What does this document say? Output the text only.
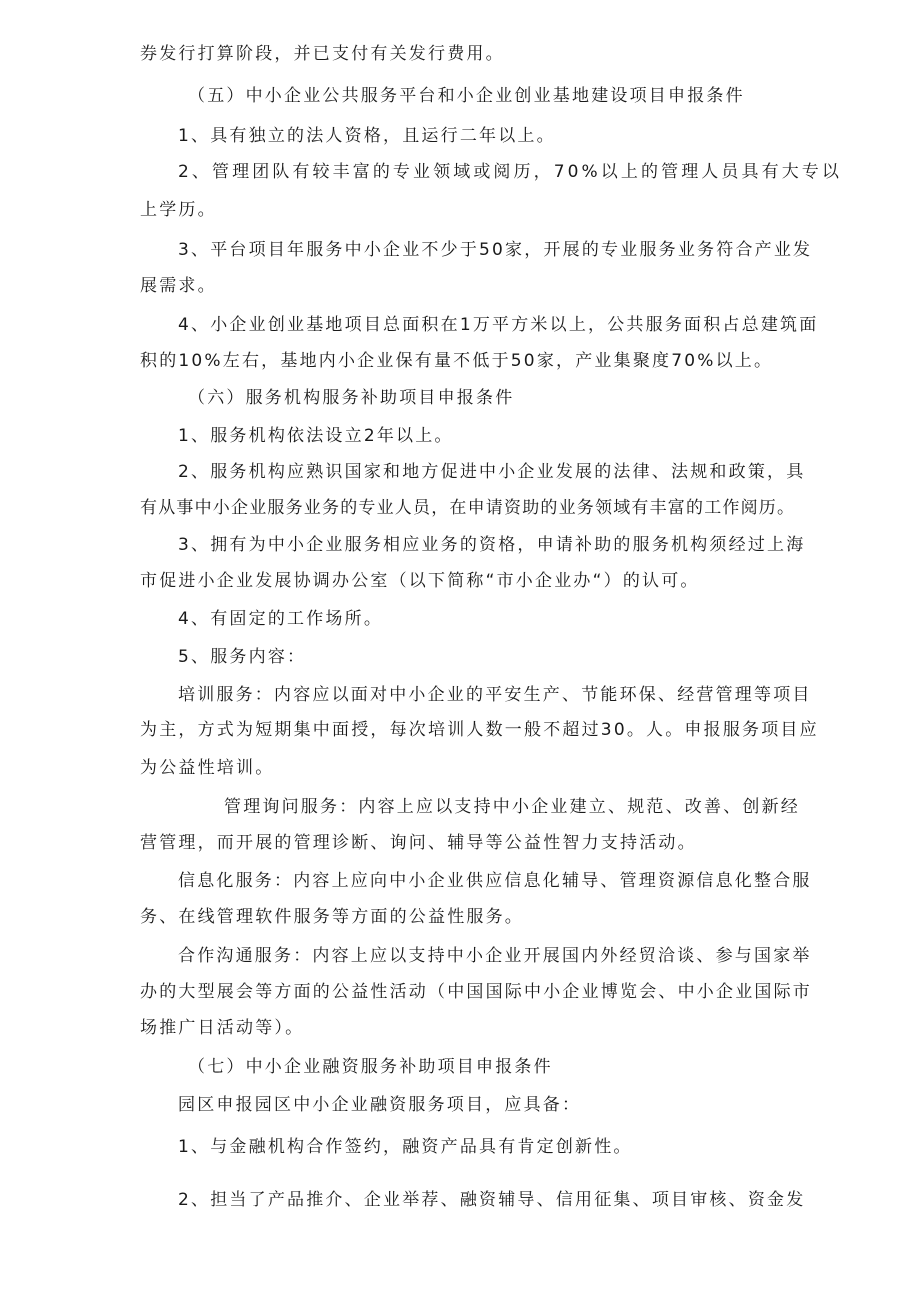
券发行打算阶段，并已支付有关发行费用。
（五）中小企业公共服务平台和小企业创业基地建设项目申报条件
1、具有独立的法人资格，且运行二年以上。
2、管理团队有较丰富的专业领域或阅历，70%以上的管理人员具有大专以
上学历。
3、平台项目年服务中小企业不少于50家，开展的专业服务业务符合产业发
展需求。
4、小企业创业基地项目总面积在1万平方米以上，公共服务面积占总建筑面
积的10%左右，基地内小企业保有量不低于50家，产业集聚度70%以上。
（六）服务机构服务补助项目申报条件
1、服务机构依法设立2年以上。
2、服务机构应熟识国家和地方促进中小企业发展的法律、法规和政策，具
有从事中小企业服务业务的专业人员，在申请资助的业务领域有丰富的工作阅历。
3、拥有为中小企业服务相应业务的资格，申请补助的服务机构须经过上海
市促进小企业发展协调办公室（以下简称“市小企业办“）的认可。
4、有固定的工作场所。
5、服务内容：
培训服务：内容应以面对中小企业的平安生产、节能环保、经营管理等项目
为主，方式为短期集中面授，每次培训人数一般不超过30。人。申报服务项目应
为公益性培训。
管理询问服务：内容上应以支持中小企业建立、规范、改善、创新经
营管理，而开展的管理诊断、询问、辅导等公益性智力支持活动。
信息化服务：内容上应向中小企业供应信息化辅导、管理资源信息化整合服
务、在线管理软件服务等方面的公益性服务。
合作沟通服务：内容上应以支持中小企业开展国内外经贸洽谈、参与国家举
办的大型展会等方面的公益性活动（中国国际中小企业博览会、中小企业国际市
场推广日活动等）。
（七）中小企业融资服务补助项目申报条件
园区申报园区中小企业融资服务项目，应具备：
1、与金融机构合作签约，融资产品具有肯定创新性。
2、担当了产品推介、企业举荐、融资辅导、信用征集、项目审核、资金发
